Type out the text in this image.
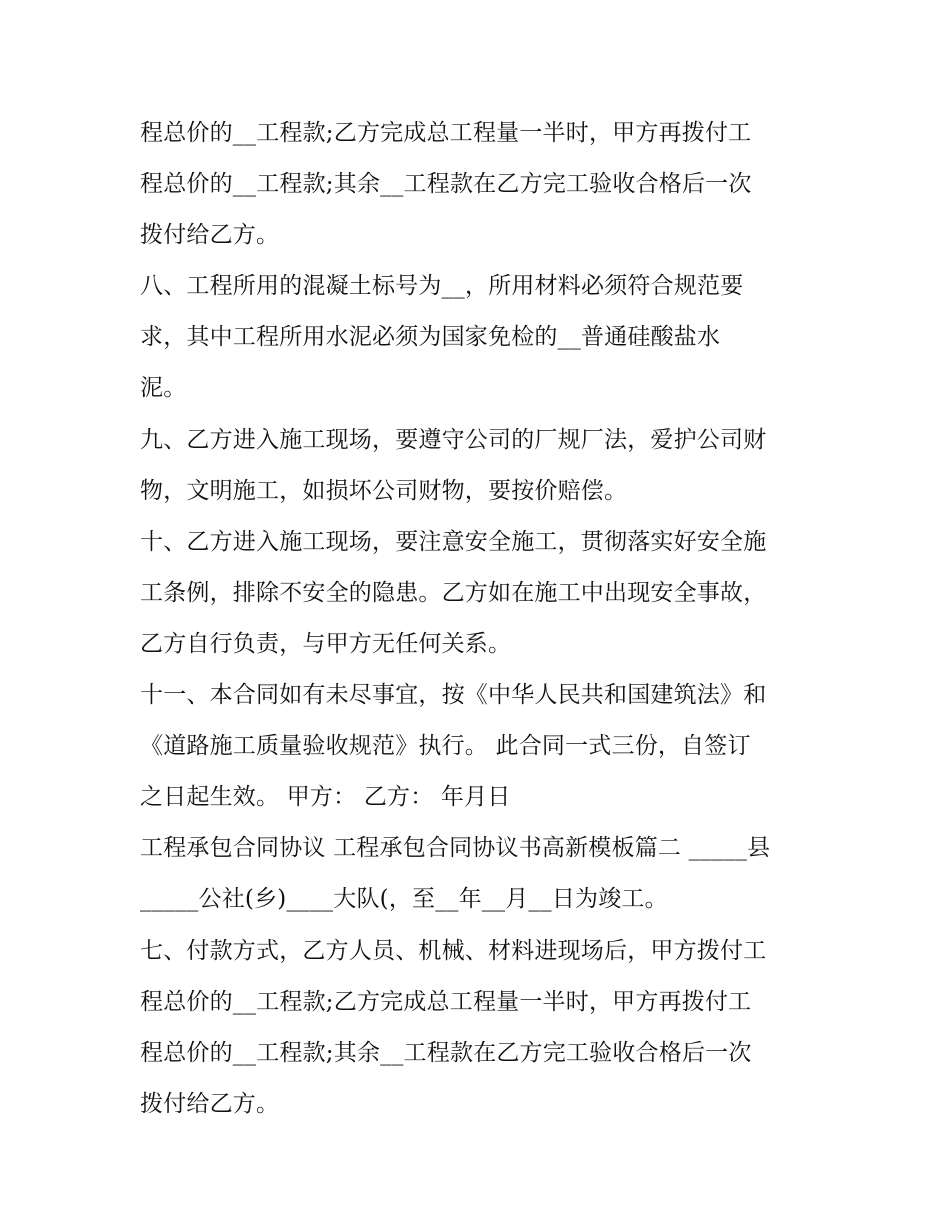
程总价的__工程款;乙方完成总工程量一半时，甲方再拨付工
程总价的__工程款;其余__工程款在乙方完工验收合格后一次
拨付给乙方。
八、工程所用的混凝土标号为__，所用材料必须符合规范要
求，其中工程所用水泥必须为国家免检的__普通硅酸盐水
泥。
九、乙方进入施工现场，要遵守公司的厂规厂法，爱护公司财
物，文明施工，如损坏公司财物，要按价赔偿。
十、乙方进入施工现场，要注意安全施工，贯彻落实好安全施
工条例，排除不安全的隐患。乙方如在施工中出现安全事故，
乙方自行负责，与甲方无任何关系。
十一、本合同如有未尽事宜，按《中华人民共和国建筑法》和
《道路施工质量验收规范》执行。 此合同一式三份，自签订
之日起生效。 甲方： 乙方： 年月日
工程承包合同协议 工程承包合同协议书高新模板篇二 _____县
_____公社(乡)____大队(，至__年__月__日为竣工。
七、付款方式，乙方人员、机械、材料进现场后，甲方拨付工
程总价的__工程款;乙方完成总工程量一半时，甲方再拨付工
程总价的__工程款;其余__工程款在乙方完工验收合格后一次
拨付给乙方。
